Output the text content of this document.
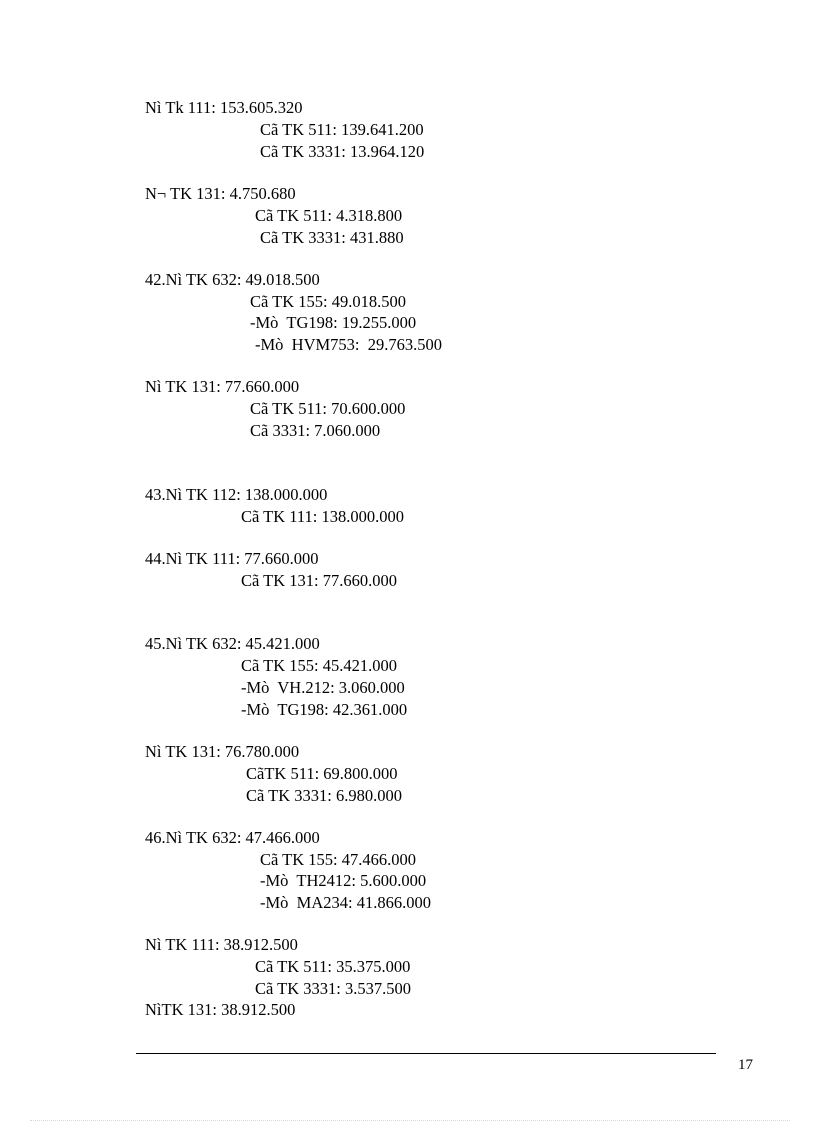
Nì Tk 111: 153.605.320
Cã TK 511: 139.641.200
Cã TK 3331: 13.964.120
N¬ TK 131: 4.750.680
Cã TK 511: 4.318.800
Cã TK 3331: 431.880
42.Nì TK 632: 49.018.500
Cã TK 155: 49.018.500
-Mò  TG198: 19.255.000
-Mò  HVM753:  29.763.500
Nì TK 131: 77.660.000
Cã TK 511: 70.600.000
Cã 3331: 7.060.000
43.Nì TK 112: 138.000.000
Cã TK 111: 138.000.000
44.Nì TK 111: 77.660.000
Cã TK 131: 77.660.000
45.Nì TK 632: 45.421.000
Cã TK 155: 45.421.000
-Mò  VH.212: 3.060.000
-Mò  TG198: 42.361.000
Nì TK 131: 76.780.000
CãTK 511: 69.800.000
Cã TK 3331: 6.980.000
46.Nì TK 632: 47.466.000
Cã TK 155: 47.466.000
-Mò  TH2412: 5.600.000
-Mò  MA234: 41.866.000
Nì TK 111: 38.912.500
Cã TK 511: 35.375.000
Cã TK 3331: 3.537.500
NìTK 131: 38.912.500
17
